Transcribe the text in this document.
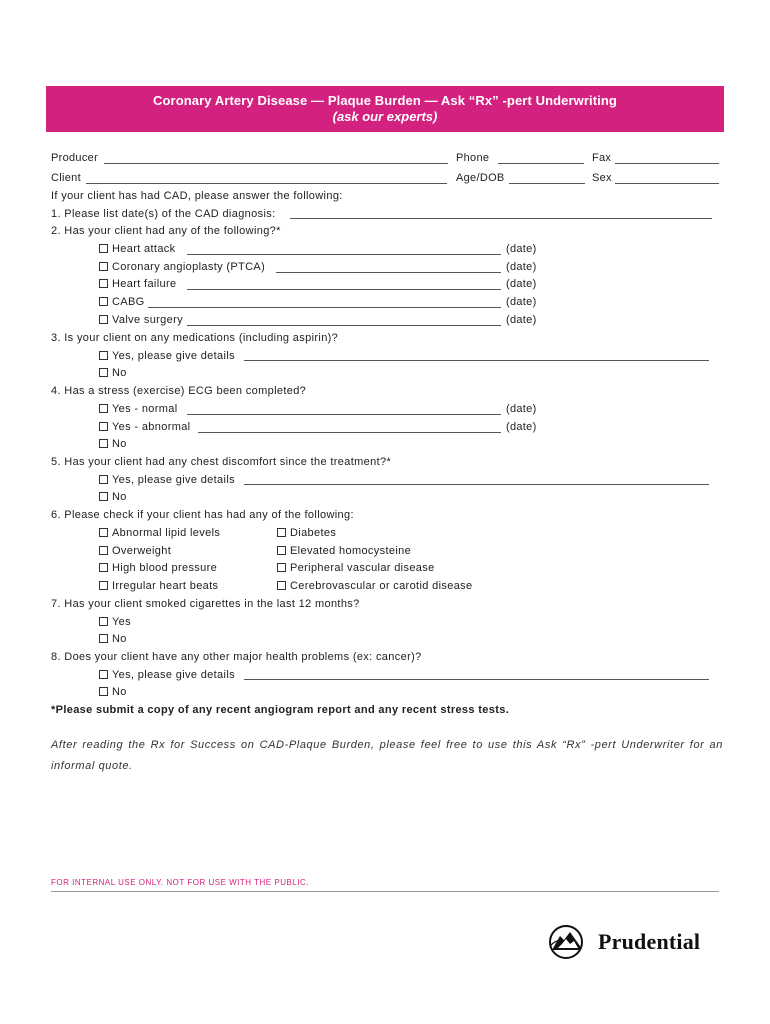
Coronary Artery Disease — Plaque Burden — Ask “Rx” -pert Underwriting
(ask our experts)
Producer	Phone	Fax
Client	Age/DOB	Sex
If your client has had CAD, please answer the following:
1. Please list date(s) of the CAD diagnosis:
2. Has your client had any of the following?*
Heart attack	(date)
Coronary angioplasty (PTCA)	(date)
Heart failure	(date)
CABG	(date)
Valve surgery	(date)
3. Is your client on any medications (including aspirin)?
Yes, please give details
No
4. Has a stress (exercise) ECG been completed?
Yes - normal	(date)
Yes - abnormal	(date)
No
5. Has your client had any chest discomfort since the treatment?*
Yes, please give details
No
6. Please check if your client has had any of the following:
Abnormal lipid levels	Diabetes
Overweight	Elevated homocysteine
High blood pressure	Peripheral vascular disease
Irregular heart beats	Cerebrovascular or carotid disease
7. Has your client smoked cigarettes in the last 12 months?
Yes
No
8. Does your client have any other major health problems (ex: cancer)?
Yes, please give details
No
*Please submit a copy of any recent angiogram report and any recent stress tests.
After reading the Rx for Success on CAD-Plaque Burden, please feel free to use this Ask “Rx” -pert Underwriter for an informal quote.
FOR INTERNAL USE ONLY. NOT FOR USE WITH THE PUBLIC.
Prudential
